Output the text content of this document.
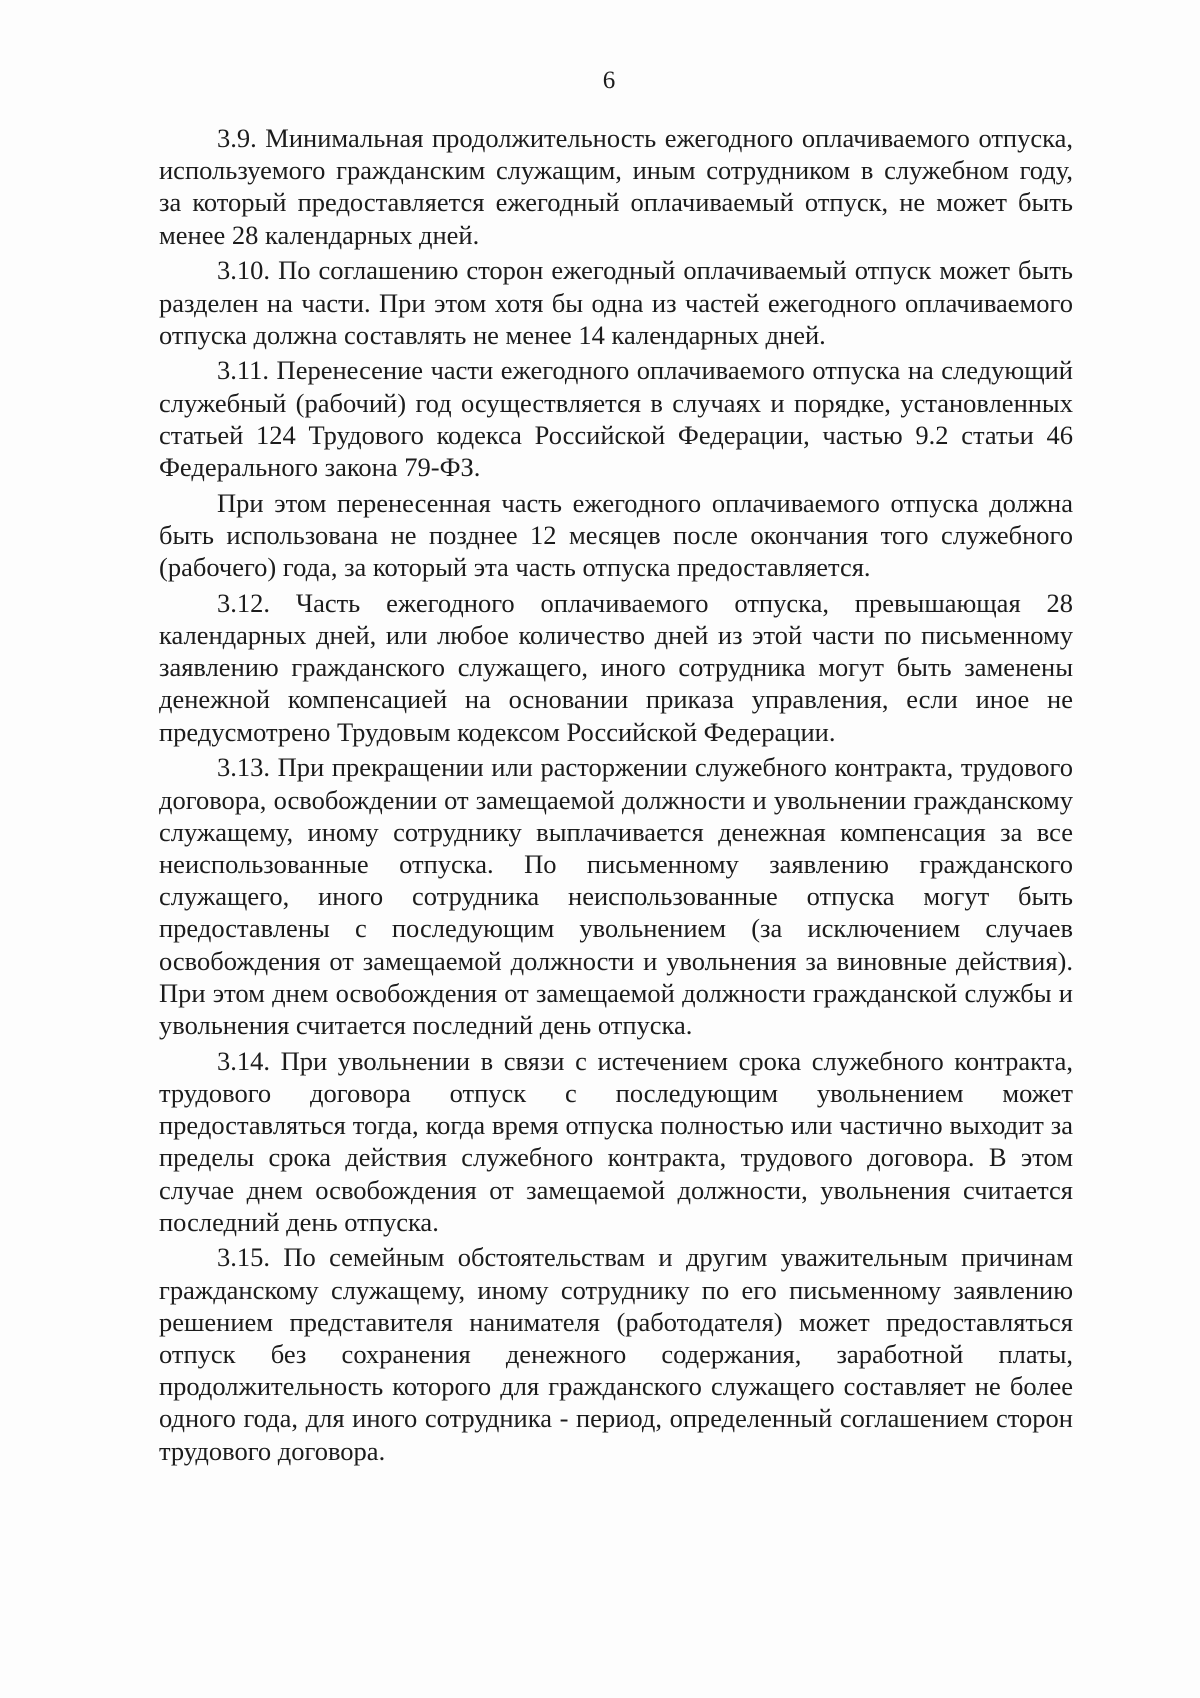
6

3.9. Минимальная продолжительность ежегодного оплачиваемого отпуска, используемого гражданским служащим, иным сотрудником в служебном году, за который предоставляется ежегодный оплачиваемый отпуск, не может быть менее 28 календарных дней.

3.10. По соглашению сторон ежегодный оплачиваемый отпуск может быть разделен на части. При этом хотя бы одна из частей ежегодного оплачиваемого отпуска должна составлять не менее 14 календарных дней.

3.11. Перенесение части ежегодного оплачиваемого отпуска на следующий служебный (рабочий) год осуществляется в случаях и порядке, установленных статьей 124 Трудового кодекса Российской Федерации, частью 9.2 статьи 46 Федерального закона 79-ФЗ.

При этом перенесенная часть ежегодного оплачиваемого отпуска должна быть использована не позднее 12 месяцев после окончания того служебного (рабочего) года, за который эта часть отпуска предоставляется.

3.12. Часть ежегодного оплачиваемого отпуска, превышающая 28 календарных дней, или любое количество дней из этой части по письменному заявлению гражданского служащего, иного сотрудника могут быть заменены денежной компенсацией на основании приказа управления, если иное не предусмотрено Трудовым кодексом Российской Федерации.

3.13. При прекращении или расторжении служебного контракта, трудового договора, освобождении от замещаемой должности и увольнении гражданскому служащему, иному сотруднику выплачивается денежная компенсация за все неиспользованные отпуска. По письменному заявлению гражданского служащего, иного сотрудника неиспользованные отпуска могут быть предоставлены с последующим увольнением (за исключением случаев освобождения от замещаемой должности и увольнения за виновные действия). При этом днем освобождения от замещаемой должности гражданской службы и увольнения считается последний день отпуска.

3.14. При увольнении в связи с истечением срока служебного контракта, трудового договора отпуск с последующим увольнением может предоставляться тогда, когда время отпуска полностью или частично выходит за пределы срока действия служебного контракта, трудового договора. В этом случае днем освобождения от замещаемой должности, увольнения считается последний день отпуска.

3.15. По семейным обстоятельствам и другим уважительным причинам гражданскому служащему, иному сотруднику по его письменному заявлению решением представителя нанимателя (работодателя) может предоставляться отпуск без сохранения денежного содержания, заработной платы, продолжительность которого для гражданского служащего составляет не более одного года, для иного сотрудника - период, определенный соглашением сторон трудового договора.
